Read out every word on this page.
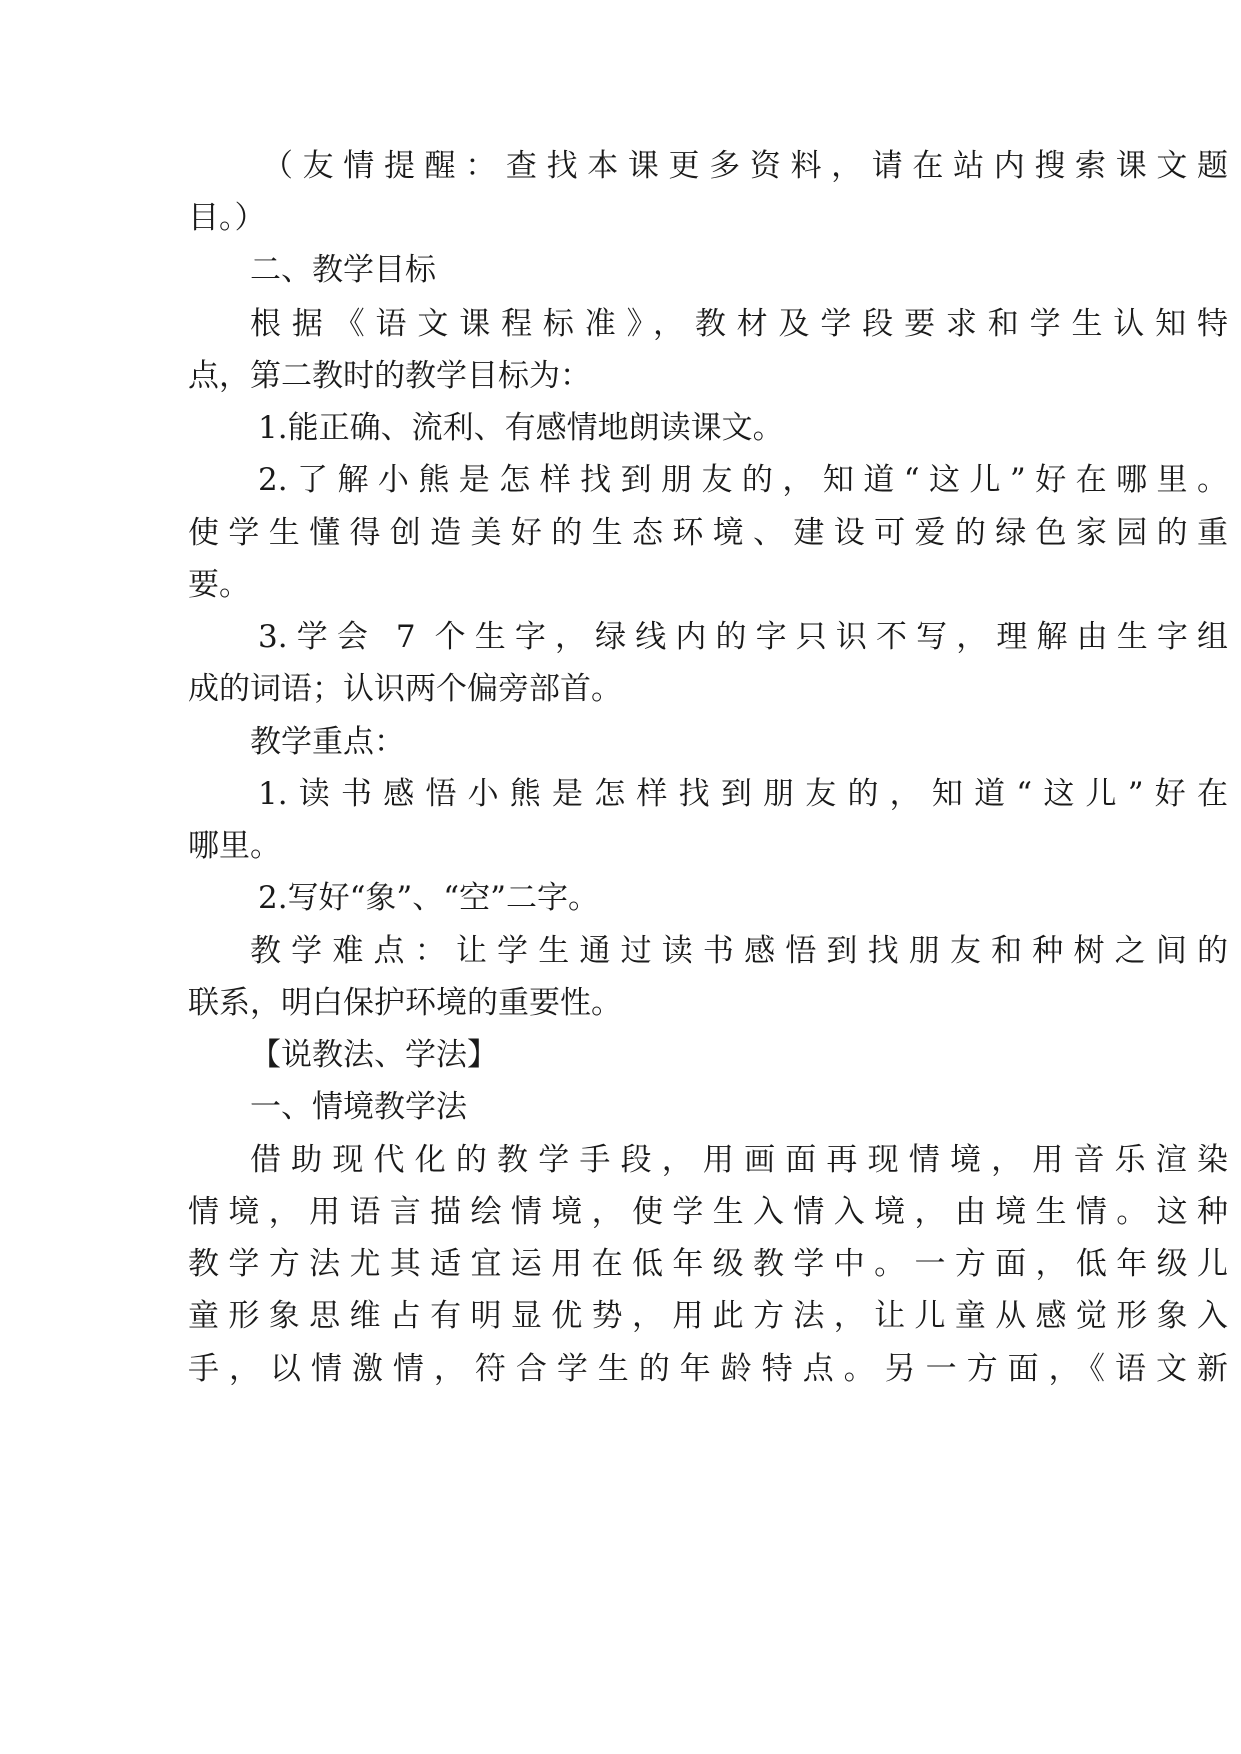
（友情提醒：查找本课更多资料，请在站内搜索课文题
目。）
二、教学目标
根据《语文课程标准》，教材及学段要求和学生认知特
点，第二教时的教学目标为：
1.能正确、流利、有感情地朗读课文。
2.了解小熊是怎样找到朋友的，知道“这儿”好在哪里。
使学生懂得创造美好的生态环境、建设可爱的绿色家园的重
要。
3.学会 7 个生字，绿线内的字只识不写，理解由生字组
成的词语；认识两个偏旁部首。
教学重点：
1.读书感悟小熊是怎样找到朋友的，知道“这儿”好在
哪里。
2.写好“象”、“空”二字。
教学难点：让学生通过读书感悟到找朋友和种树之间的
联系，明白保护环境的重要性。
【说教法、学法】
一、情境教学法
借助现代化的教学手段，用画面再现情境，用音乐渲染
情境，用语言描绘情境，使学生入情入境，由境生情。这种
教学方法尤其适宜运用在低年级教学中。一方面，低年级儿
童形象思维占有明显优势，用此方法，让儿童从感觉形象入
手，以情激情，符合学生的年龄特点。另一方面，《语文新
